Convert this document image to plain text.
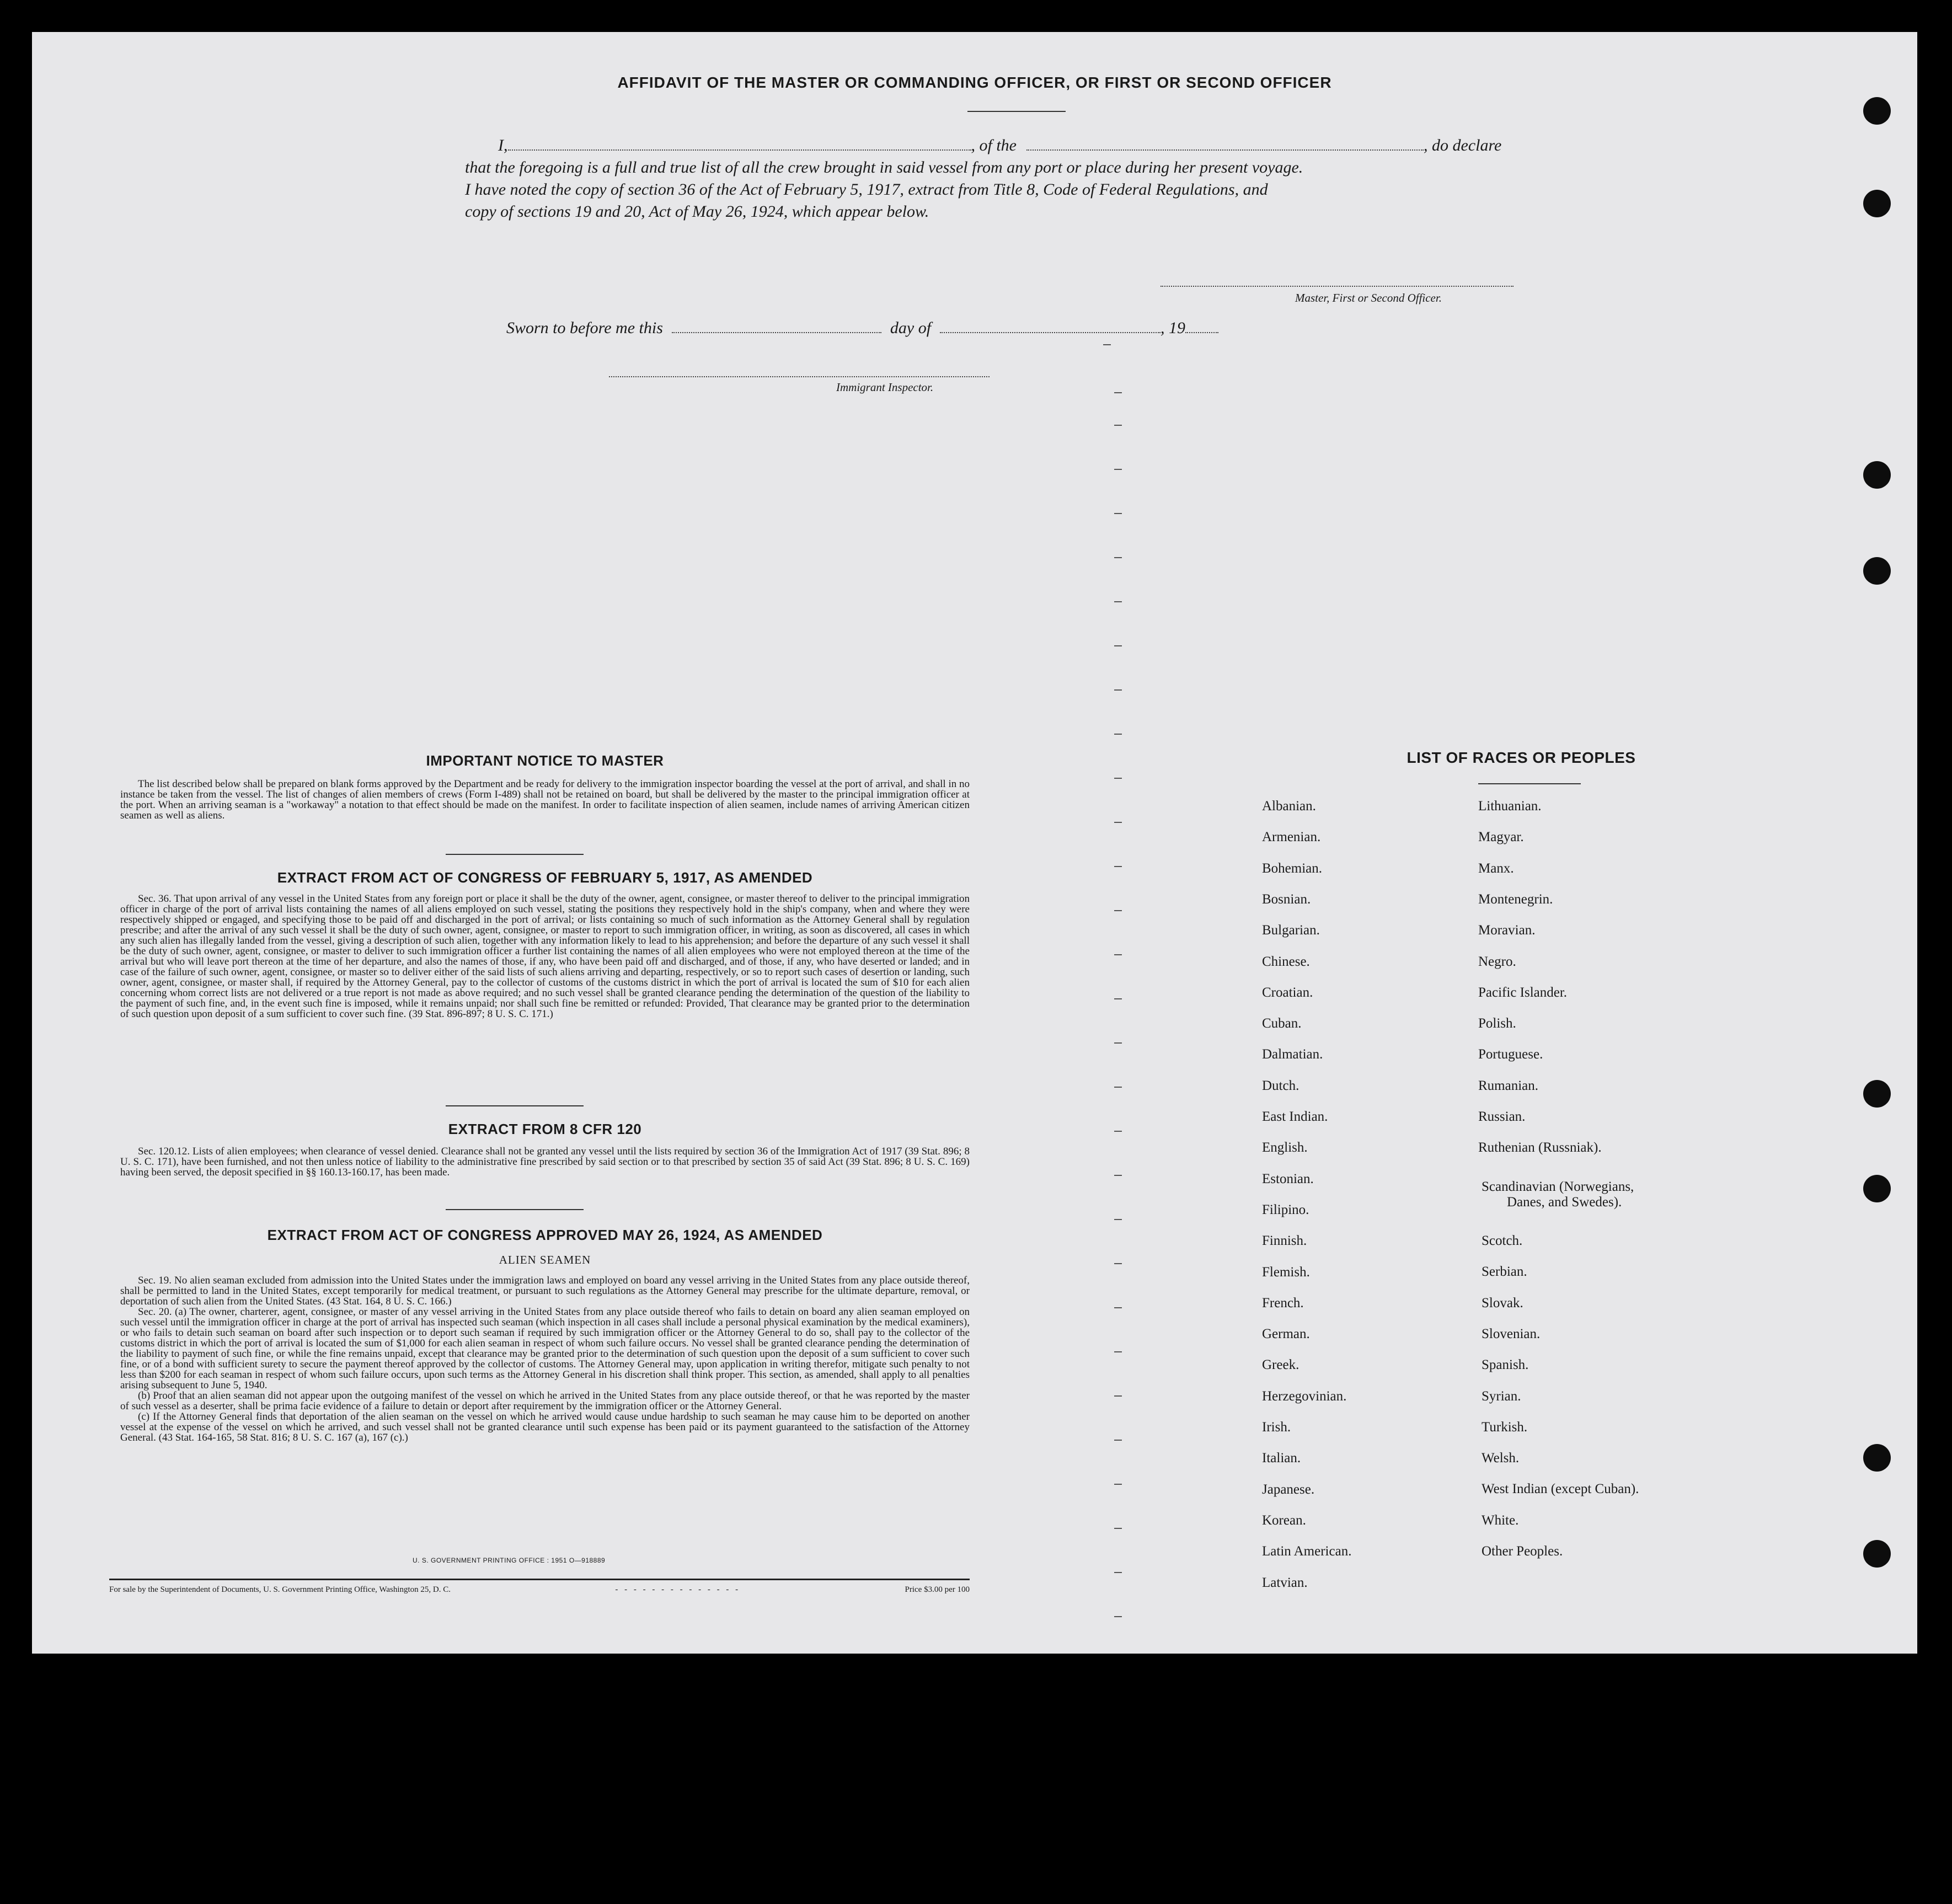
AFFIDAVIT OF THE MASTER OR COMMANDING OFFICER, OR FIRST OR SECOND OFFICER
I,	, of the	, do declare
that the foregoing is a full and true list of all the crew brought in said vessel from any port or place during her present voyage.
I have noted the copy of section 36 of the Act of February 5, 1917, extract from Title 8, Code of Federal Regulations, and
copy of sections 19 and 20, Act of May 26, 1924, which appear below.
Master, First or Second Officer.
Sworn to before me this	day of	, 19
Immigrant Inspector.
IMPORTANT NOTICE TO MASTER

The list described below shall be prepared on blank forms approved by the Department and be ready for delivery to the immigration inspector boarding the vessel at the port of arrival, and shall in no instance be taken from the vessel. The list of changes of alien members of crews (Form I-489) shall not be retained on board, but shall be delivered by the master to the principal immigration officer at the port. When an arriving seaman is a "workaway" a notation to that effect should be made on the manifest. In order to facilitate inspection of alien seamen, include names of arriving American citizen seamen as well as aliens.

EXTRACT FROM ACT OF CONGRESS OF FEBRUARY 5, 1917, AS AMENDED

Sec. 36. That upon arrival of any vessel in the United States from any foreign port or place it shall be the duty of the owner, agent, consignee, or master thereof to deliver to the principal immigration officer in charge of the port of arrival lists containing the names of all aliens employed on such vessel, stating the positions they respectively hold in the ship's company, when and where they were respectively shipped or engaged, and specifying those to be paid off and discharged in the port of arrival; or lists containing so much of such information as the Attorney General shall by regulation prescribe; and after the arrival of any such vessel it shall be the duty of such owner, agent, consignee, or master to report to such immigration officer, in writing, as soon as discovered, all cases in which any such alien has illegally landed from the vessel, giving a description of such alien, together with any information likely to lead to his apprehension; and before the departure of any such vessel it shall be the duty of such owner, agent, consignee, or master to deliver to such immigration officer a further list containing the names of all alien employees who were not employed thereon at the time of the arrival but who will leave port thereon at the time of her departure, and also the names of those, if any, who have been paid off and discharged, and of those, if any, who have deserted or landed; and in case of the failure of such owner, agent, consignee, or master so to deliver either of the said lists of such aliens arriving and departing, respectively, or so to report such cases of desertion or landing, such owner, agent, consignee, or master shall, if required by the Attorney General, pay to the collector of customs of the customs district in which the port of arrival is located the sum of $10 for each alien concerning whom correct lists are not delivered or a true report is not made as above required; and no such vessel shall be granted clearance pending the determination of the question of the liability to the payment of such fine, and, in the event such fine is imposed, while it remains unpaid; nor shall such fine be remitted or refunded: Provided, That clearance may be granted prior to the determination of such question upon deposit of a sum sufficient to cover such fine. (39 Stat. 896-897; 8 U. S. C. 171.)

EXTRACT FROM 8 CFR 120

Sec. 120.12. Lists of alien employees; when clearance of vessel denied. Clearance shall not be granted any vessel until the lists required by section 36 of the Immigration Act of 1917 (39 Stat. 896; 8 U. S. C. 171), have been furnished, and not then unless notice of liability to the administrative fine prescribed by said section or to that prescribed by section 35 of said Act (39 Stat. 896; 8 U. S. C. 169) having been served, the deposit specified in §§ 160.13-160.17, has been made.

EXTRACT FROM ACT OF CONGRESS APPROVED MAY 26, 1924, AS AMENDED
ALIEN SEAMEN

Sec. 19. No alien seaman excluded from admission into the United States under the immigration laws and employed on board any vessel arriving in the United States from any place outside thereof, shall be permitted to land in the United States, except temporarily for medical treatment, or pursuant to such regulations as the Attorney General may prescribe for the ultimate departure, removal, or deportation of such alien from the United States. (43 Stat. 164, 8 U. S. C. 166.)

Sec. 20. (a) The owner, charterer, agent, consignee, or master of any vessel arriving in the United States from any place outside thereof who fails to detain on board any alien seaman employed on such vessel until the immigration officer in charge at the port of arrival has inspected such seaman (which inspection in all cases shall include a personal physical examination by the medical examiners), or who fails to detain such seaman on board after such inspection or to deport such seaman if required by such immigration officer or the Attorney General to do so, shall pay to the collector of the customs district in which the port of arrival is located the sum of $1,000 for each alien seaman in respect of whom such failure occurs. No vessel shall be granted clearance pending the determination of the liability to payment of such fine, or while the fine remains unpaid, except that clearance may be granted prior to the determination of such question upon the deposit of a sum sufficient to cover such fine, or of a bond with sufficient surety to secure the payment thereof approved by the collector of customs. The Attorney General may, upon application in writing therefor, mitigate such penalty to not less than $200 for each seaman in respect of whom such failure occurs, upon such terms as the Attorney General in his discretion shall think proper. This section, as amended, shall apply to all penalties arising subsequent to June 5, 1940.

(b) Proof that an alien seaman did not appear upon the outgoing manifest of the vessel on which he arrived in the United States from any place outside thereof, or that he was reported by the master of such vessel as a deserter, shall be prima facie evidence of a failure to detain or deport after requirement by the immigration officer or the Attorney General.

(c) If the Attorney General finds that deportation of the alien seaman on the vessel on which he arrived would cause undue hardship to such seaman he may cause him to be deported on another vessel at the expense of the vessel on which he arrived, and such vessel shall not be granted clearance until such expense has been paid or its payment guaranteed to the satisfaction of the Attorney General. (43 Stat. 164-165, 58 Stat. 816; 8 U. S. C. 167 (a), 167 (c).)

U. S. GOVERNMENT PRINTING OFFICE : 1951 O—918889
For sale by the Superintendent of Documents, U. S. Government Printing Office, Washington 25, D. C.	- - - - - - - - - - - - - -	Price $3.00 per 100
LIST OF RACES OR PEOPLES
Albanian.
Armenian.
Bohemian.
Bosnian.
Bulgarian.
Chinese.
Croatian.
Cuban.
Dalmatian.
Dutch.
East Indian.
English.
Estonian.
Filipino.
Finnish.
Flemish.
French.
German.
Greek.
Herzegovinian.
Irish.
Italian.
Japanese.
Korean.
Latin American.
Latvian.
Lithuanian.
Magyar.
Manx.
Montenegrin.
Moravian.
Negro.
Pacific Islander.
Polish.
Portuguese.
Rumanian.
Russian.
Ruthenian (Russniak).
Scandinavian (Norwegians,
Danes, and Swedes).
Scotch.
Serbian.
Slovak.
Slovenian.
Spanish.
Syrian.
Turkish.
Welsh.
West Indian (except Cuban).
White.
Other Peoples.
